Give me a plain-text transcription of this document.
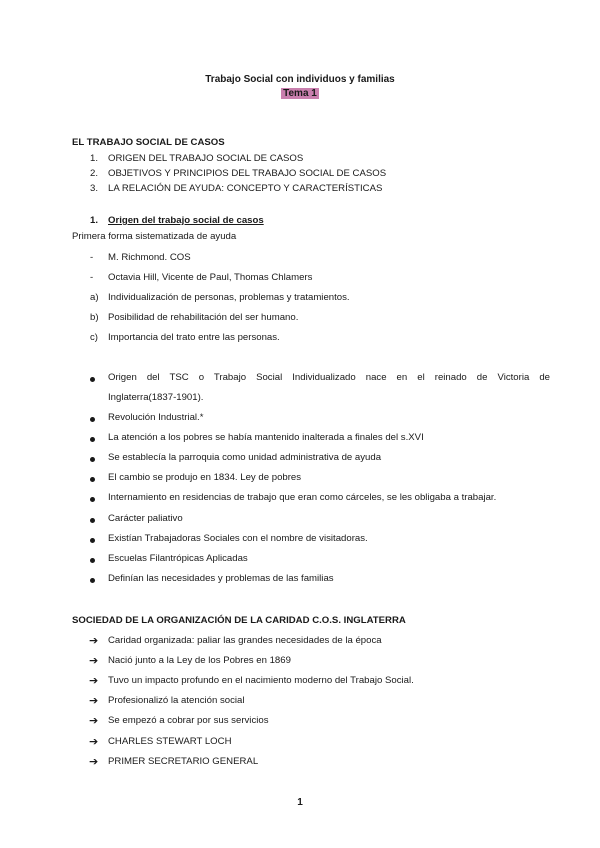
Trabajo Social con individuos y familias
Tema 1
EL TRABAJO SOCIAL DE CASOS
1. ORIGEN DEL TRABAJO SOCIAL DE CASOS
2. OBJETIVOS Y PRINCIPIOS DEL TRABAJO SOCIAL DE CASOS
3. LA RELACIÓN DE AYUDA: CONCEPTO Y CARACTERÍSTICAS
1. Origen del trabajo social de casos
Primera forma sistematizada de ayuda
- M. Richmond. COS
- Octavia Hill, Vicente de Paul, Thomas Chlamers
a) Individualización de personas, problemas y tratamientos.
b) Posibilidad de rehabilitación del ser humano.
c) Importancia del trato entre las personas.
Origen del TSC o Trabajo Social Individualizado nace en el reinado de Victoria de
Inglaterra(1837-1901).
Revolución Industrial.*
La atención a los pobres se había mantenido inalterada a finales del s.XVI
Se establecía la parroquia como unidad administrativa de ayuda
El cambio se produjo en 1834. Ley de pobres
Internamiento en residencias de trabajo que eran como cárceles, se les obligaba a trabajar.
Carácter paliativo
Existían Trabajadoras Sociales con el nombre de visitadoras.
Escuelas Filantrópicas Aplicadas
Definían las necesidades y problemas de las familias
SOCIEDAD DE LA ORGANIZACIÓN DE LA CARIDAD C.O.S. INGLATERRA
➔ Caridad organizada: paliar las grandes necesidades de la época
➔ Nació junto a la Ley de los Pobres en 1869
➔ Tuvo un impacto profundo en el nacimiento moderno del Trabajo Social.
➔ Profesionalizó la atención social
➔ Se empezó a cobrar por sus servicios
➔ CHARLES STEWART LOCH
➔ PRIMER SECRETARIO GENERAL
1
